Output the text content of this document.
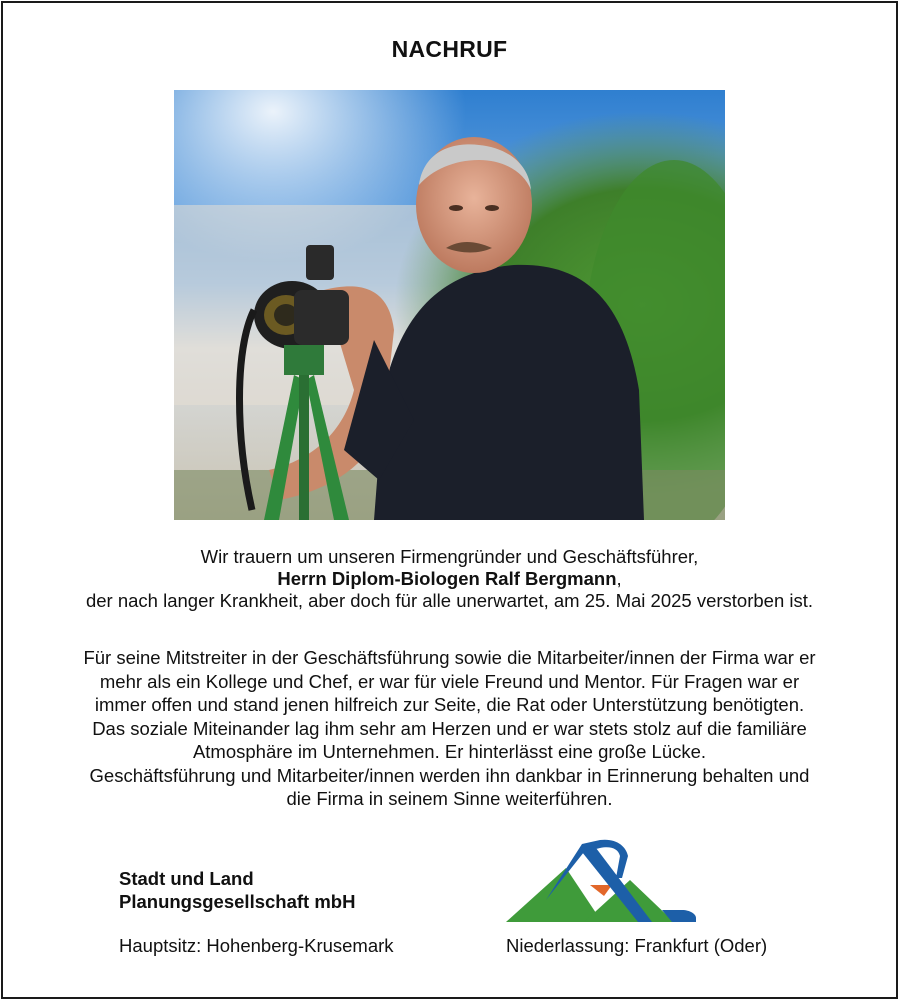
NACHRUF
Wir trauern um unseren Firmengründer und Geschäftsführer,
Herrn Diplom-Biologen Ralf Bergmann,
der nach langer Krankheit, aber doch für alle unerwartet, am 25. Mai 2025 verstorben ist.
Für seine Mitstreiter in der Geschäftsführung sowie die Mitarbeiter/innen der Firma war er
mehr als ein Kollege und Chef, er war für viele Freund und Mentor. Für Fragen war er
immer offen und stand jenen hilfreich zur Seite, die Rat oder Unterstützung benötigten.
Das soziale Miteinander lag ihm sehr am Herzen und er war stets stolz auf die familiäre
Atmosphäre im Unternehmen. Er hinterlässt eine große Lücke.
Geschäftsführung und Mitarbeiter/innen werden ihn dankbar in Erinnerung behalten und
die Firma in seinem Sinne weiterführen.
Stadt und Land
Planungsgesellschaft mbH
Hauptsitz: Hohenberg-Krusemark	Niederlassung: Frankfurt (Oder)
